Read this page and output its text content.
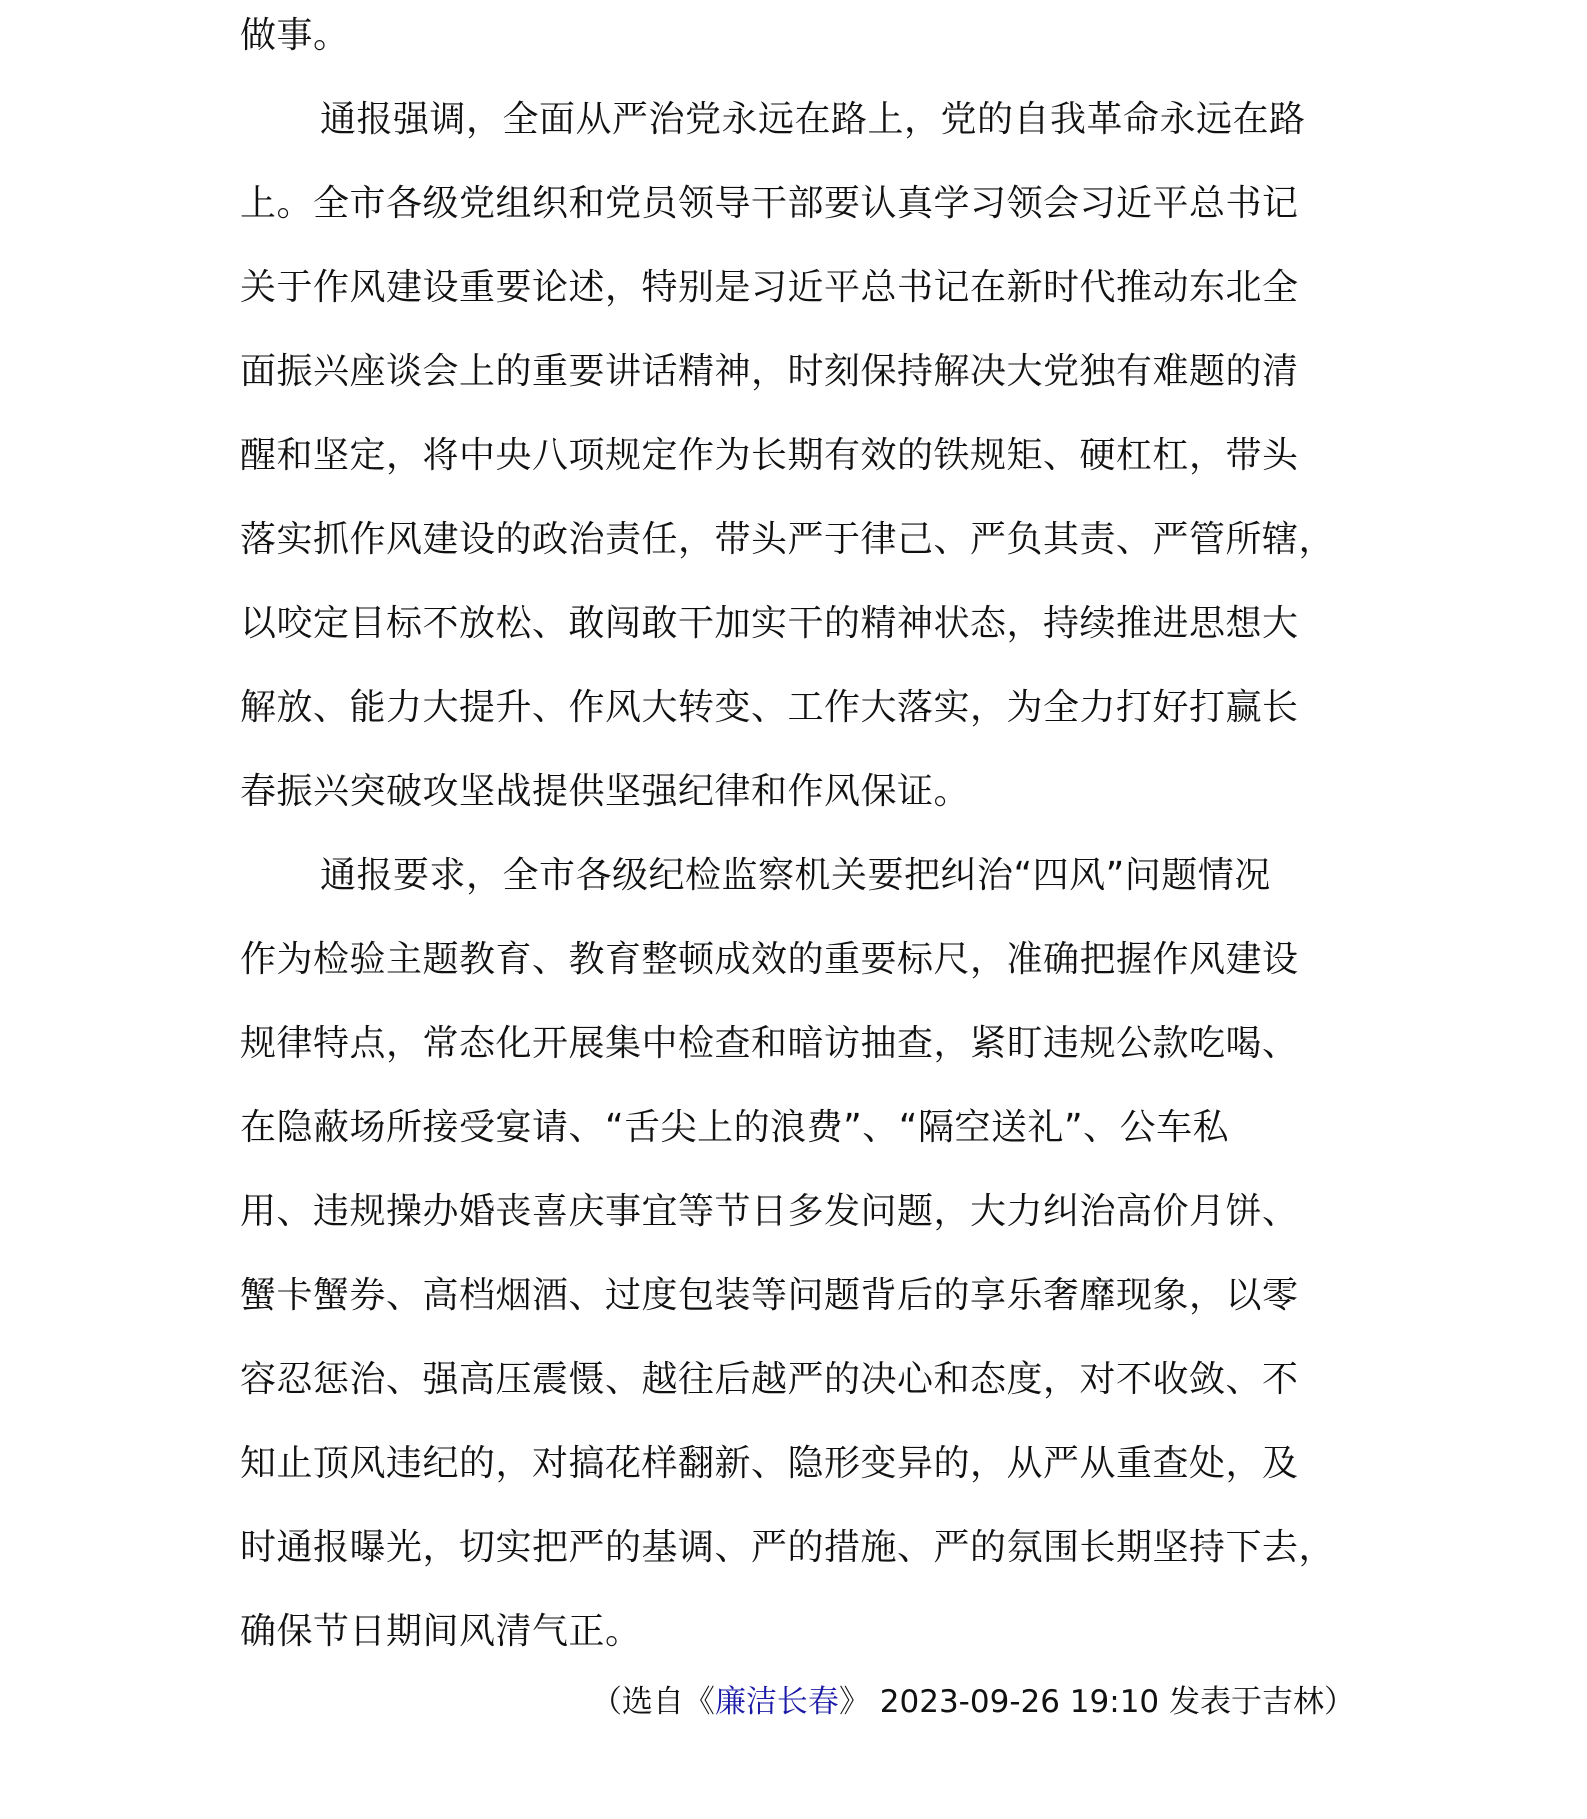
做事。
通报强调，全面从严治党永远在路上，党的自我革命永远在路
上。全市各级党组织和党员领导干部要认真学习领会习近平总书记
关于作风建设重要论述，特别是习近平总书记在新时代推动东北全
面振兴座谈会上的重要讲话精神，时刻保持解决大党独有难题的清
醒和坚定，将中央八项规定作为长期有效的铁规矩、硬杠杠，带头
落实抓作风建设的政治责任，带头严于律己、严负其责、严管所辖，
以咬定目标不放松、敢闯敢干加实干的精神状态，持续推进思想大
解放、能力大提升、作风大转变、工作大落实，为全力打好打赢长
春振兴突破攻坚战提供坚强纪律和作风保证。
通报要求，全市各级纪检监察机关要把纠治“四风”问题情况
作为检验主题教育、教育整顿成效的重要标尺，准确把握作风建设
规律特点，常态化开展集中检查和暗访抽查，紧盯违规公款吃喝、
在隐蔽场所接受宴请、“舌尖上的浪费”、“隔空送礼”、公车私
用、违规操办婚丧喜庆事宜等节日多发问题，大力纠治高价月饼、
蟹卡蟹券、高档烟酒、过度包装等问题背后的享乐奢靡现象，以零
容忍惩治、强高压震慑、越往后越严的决心和态度，对不收敛、不
知止顶风违纪的，对搞花样翻新、隐形变异的，从严从重查处，及
时通报曝光，切实把严的基调、严的措施、严的氛围长期坚持下去，
确保节日期间风清气正。
（选自《廉洁长春》 2023-09-26 19:10 发表于吉林）
